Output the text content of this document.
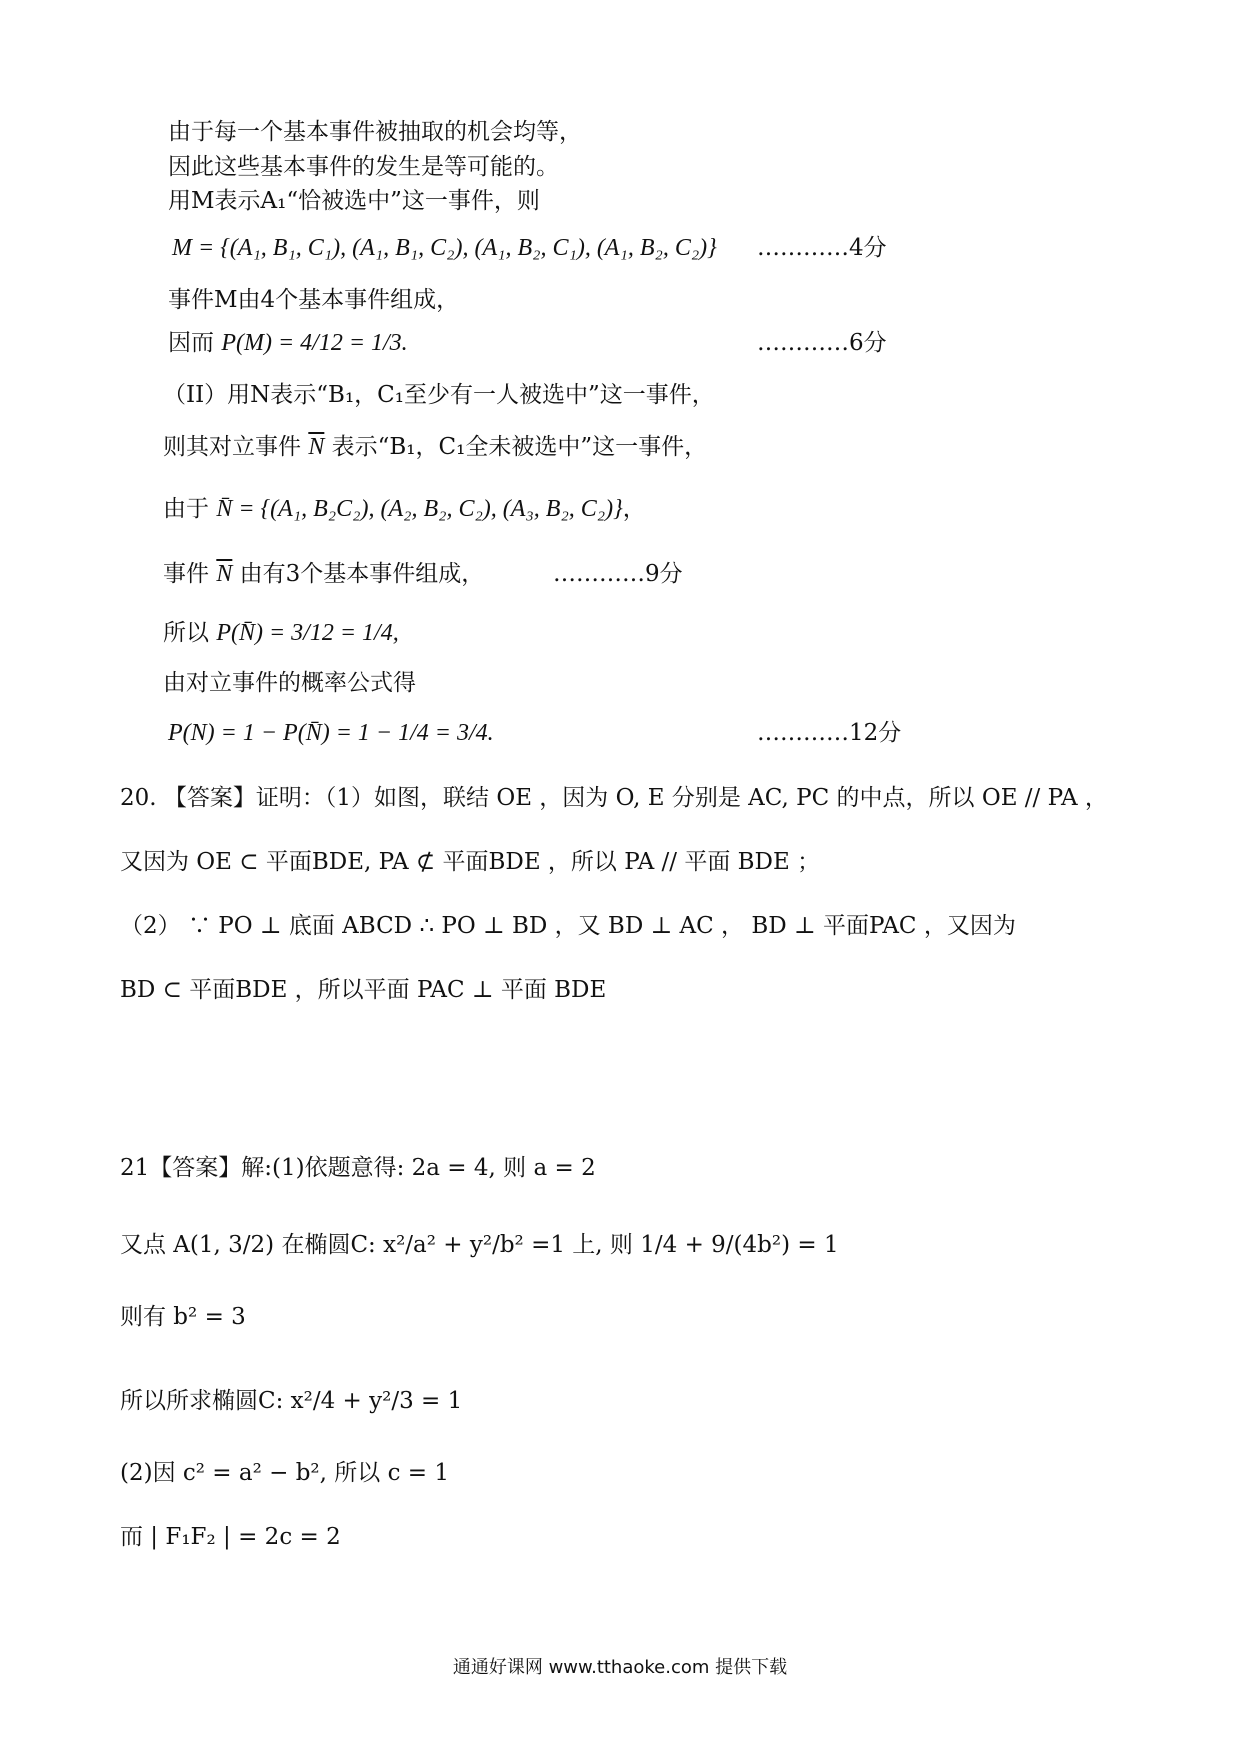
由于每一个基本事件被抽取的机会均等，
因此这些基本事件的发生是等可能的。
用M表示A₁“恰被选中”这一事件，则
M = {(A₁, B₁, C₁), (A₁, B₁, C₂), (A₁, B₂, C₁), (A₁, B₂, C₂)} …………4分
事件M由4个基本事件组成，
因而 P(M) = 4/12 = 1/3.	…………6分
（II）用N表示“B₁，C₁至少有一人被选中”这一事件，
则其对立事件 $\overline{N}$ 表示“B₁，C₁全未被选中”这一事件，
由于 N̄ = {(A₁, B₂C₂), (A₂, B₂, C₂), (A₃, B₂, C₂)}，
事件 $\overline{N}$ 由有3个基本事件组成，	…………9分
所以 P(N̄) = 3/12 = 1/4,
由对立事件的概率公式得
P(N) = 1 − P(N̄) = 1 − 1/4 = 3/4.	…………12分
20. 【答案】证明：（1）如图，联结 OE ，因为 O, E 分别是 AC, PC 的中点，所以 OE // PA ，
又因为 OE ⊂ 平面BDE, PA ⊄ 平面BDE ，所以 PA // 平面 BDE ；
（2） ∵ PO ⊥ 底面 ABCD ∴ PO ⊥ BD ，又 BD ⊥ AC ， BD ⊥ 平面PAC ，又因为
BD ⊂ 平面BDE ，所以平面 PAC ⊥ 平面 BDE
21【答案】解:(1)依题意得: 2a = 4, 则 a = 2
又点 A(1, 3/2) 在椭圆C: x²/a² + y²/b² =1 上, 则 1/4 + 9/(4b²) = 1
则有 b² = 3
所以所求椭圆C: x²/4 + y²/3 = 1
(2)因 c² = a² − b², 所以 c = 1
而 | F₁F₂ | = 2c = 2
通通好课网 www.tthaoke.com 提供下载
